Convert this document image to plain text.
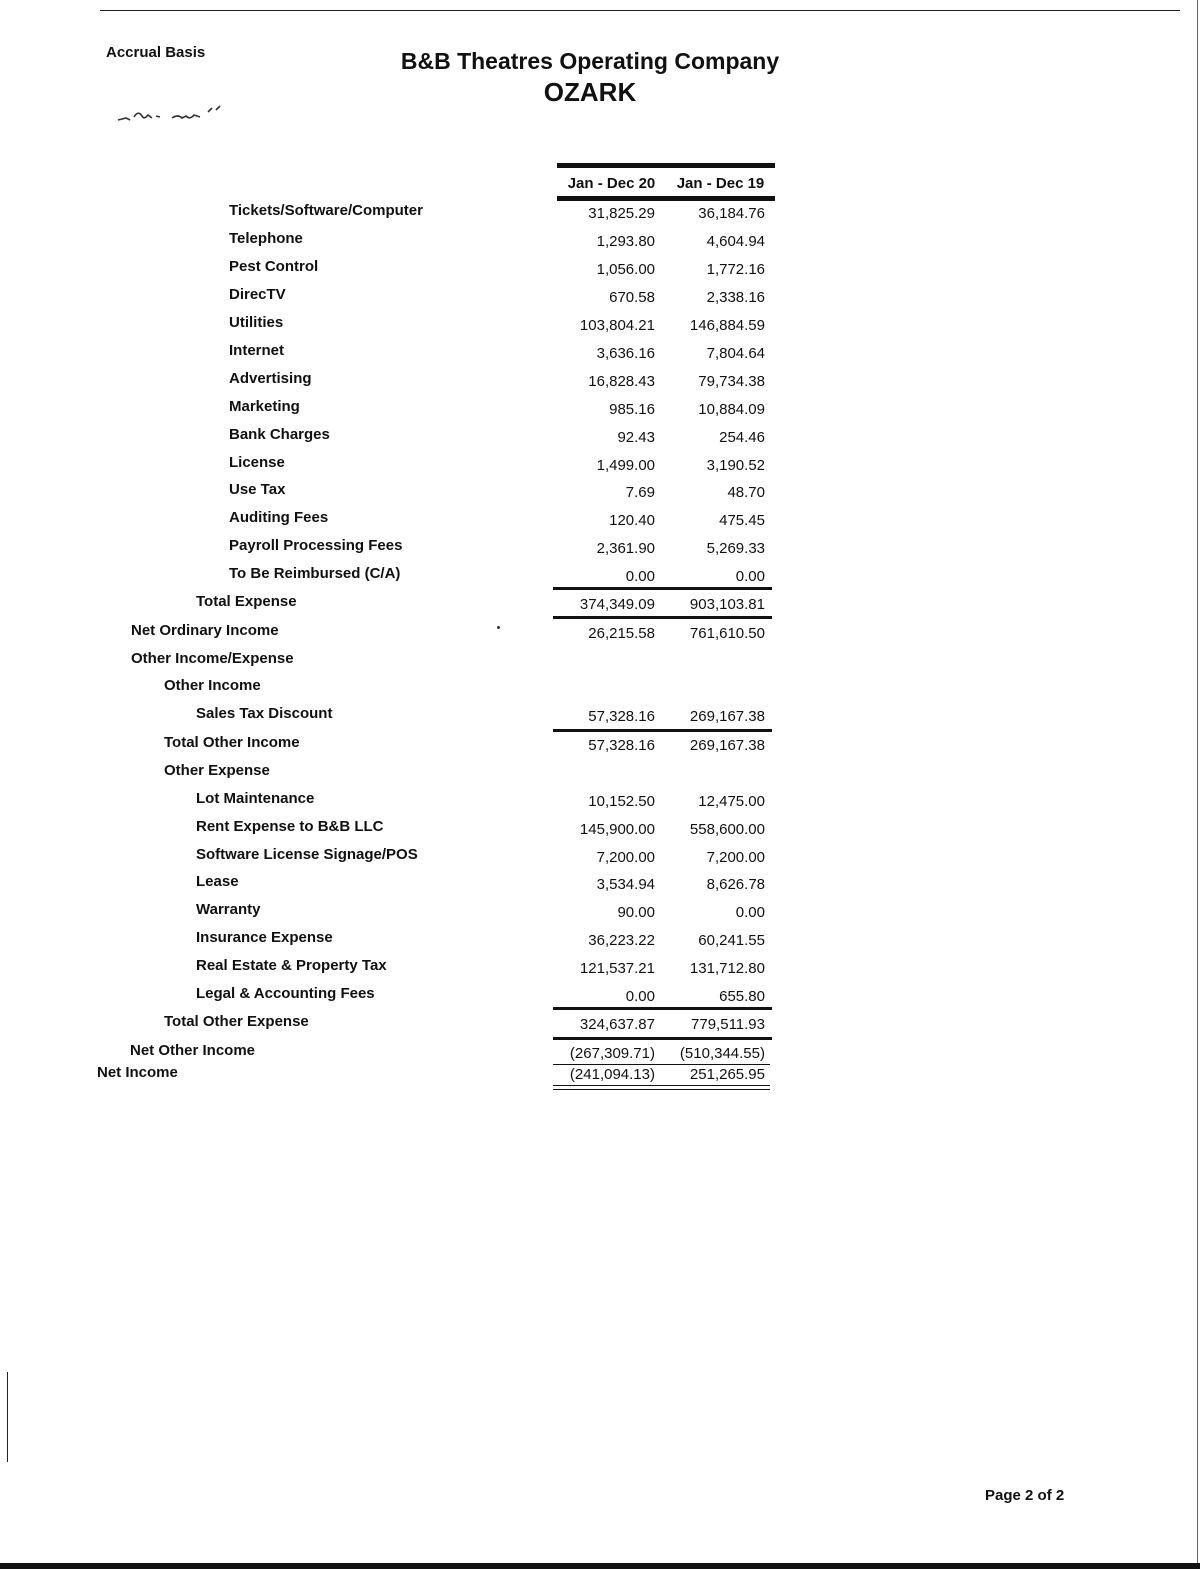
Accrual Basis	B&B Theatres Operating Company
OZARK
Jan - Dec 20	Jan - Dec 19
Tickets/Software/Computer	31,825.29	36,184.76
Telephone	1,293.80	4,604.94
Pest Control	1,056.00	1,772.16
DirecTV	670.58	2,338.16
Utilities	103,804.21	146,884.59
Internet	3,636.16	7,804.64
Advertising	16,828.43	79,734.38
Marketing	985.16	10,884.09
Bank Charges	92.43	254.46
License	1,499.00	3,190.52
Use Tax	7.69	48.70
Auditing Fees	120.40	475.45
Payroll Processing Fees	2,361.90	5,269.33
To Be Reimbursed (C/A)	0.00	0.00
Total Expense	374,349.09	903,103.81
Net Ordinary Income	26,215.58	761,610.50
Other Income/Expense
Other Income
Sales Tax Discount	57,328.16	269,167.38
Total Other Income	57,328.16	269,167.38
Other Expense
Lot Maintenance	10,152.50	12,475.00
Rent Expense to B&B LLC	145,900.00	558,600.00
Software License Signage/POS	7,200.00	7,200.00
Lease	3,534.94	8,626.78
Warranty	90.00	0.00
Insurance Expense	36,223.22	60,241.55
Real Estate & Property Tax	121,537.21	131,712.80
Legal & Accounting Fees	0.00	655.80
Total Other Expense	324,637.87	779,511.93
Net Other Income	(267,309.71)	(510,344.55)
Net Income	(241,094.13)	251,265.95
Page 2 of 2
